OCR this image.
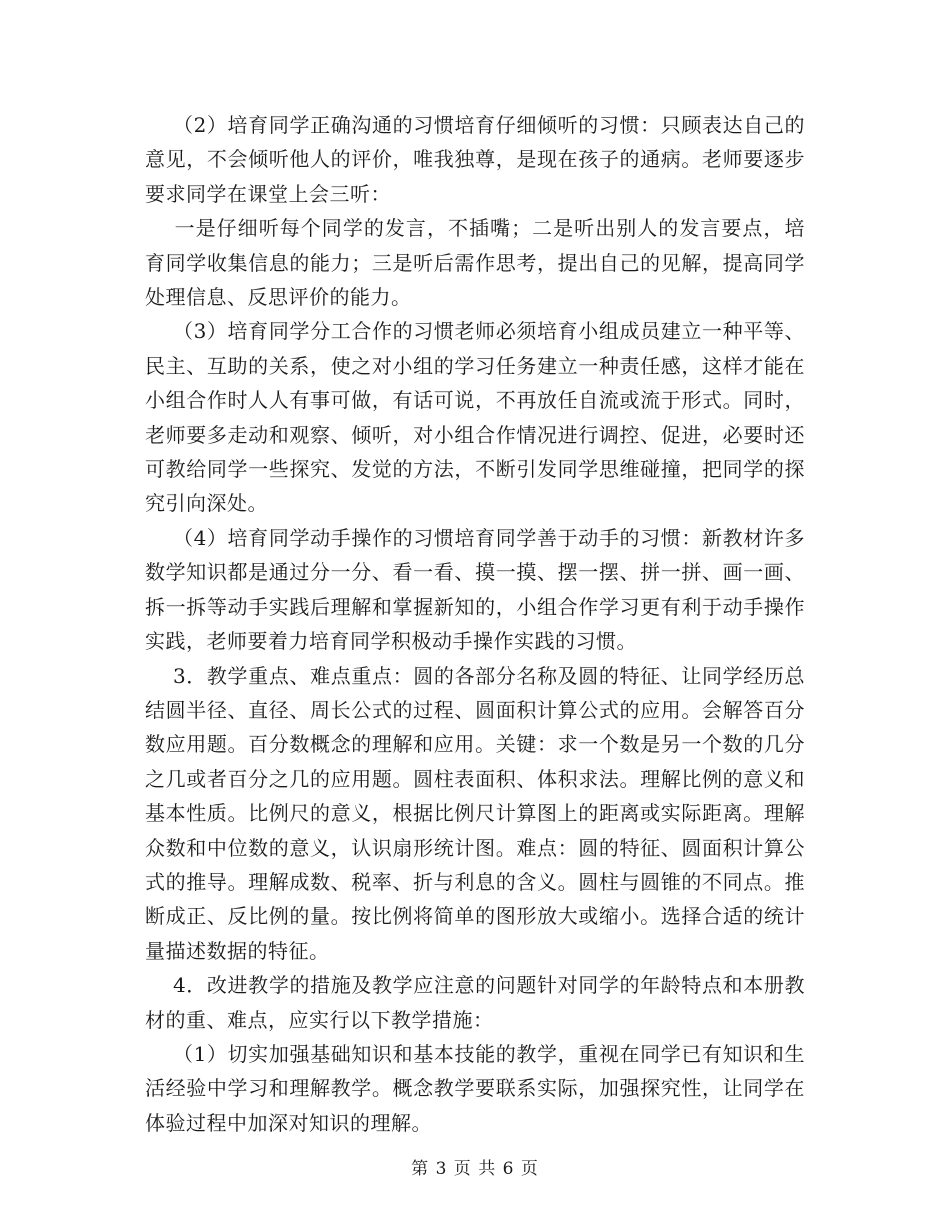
（2）培育同学正确沟通的习惯培育仔细倾听的习惯：只顾表达自己的意见，不会倾听他人的评价，唯我独尊，是现在孩子的通病。老师要逐步要求同学在课堂上会三听：

一是仔细听每个同学的发言，不插嘴；二是听出别人的发言要点，培育同学收集信息的能力；三是听后需作思考，提出自己的见解，提高同学处理信息、反思评价的能力。

（3）培育同学分工合作的习惯老师必须培育小组成员建立一种平等、民主、互助的关系，使之对小组的学习任务建立一种责任感，这样才能在小组合作时人人有事可做，有话可说，不再放任自流或流于形式。同时，老师要多走动和观察、倾听，对小组合作情况进行调控、促进，必要时还可教给同学一些探究、发觉的方法，不断引发同学思维碰撞，把同学的探究引向深处。

（4）培育同学动手操作的习惯培育同学善于动手的习惯：新教材许多数学知识都是通过分一分、看一看、摸一摸、摆一摆、拼一拼、画一画、拆一拆等动手实践后理解和掌握新知的，小组合作学习更有利于动手操作实践，老师要着力培育同学积极动手操作实践的习惯。

3．教学重点、难点重点：圆的各部分名称及圆的特征、让同学经历总结圆半径、直径、周长公式的过程、圆面积计算公式的应用。会解答百分数应用题。百分数概念的理解和应用。关键：求一个数是另一个数的几分之几或者百分之几的应用题。圆柱表面积、体积求法。理解比例的意义和基本性质。比例尺的意义，根据比例尺计算图上的距离或实际距离。理解众数和中位数的意义，认识扇形统计图。难点：圆的特征、圆面积计算公式的推导。理解成数、税率、折与利息的含义。圆柱与圆锥的不同点。推断成正、反比例的量。按比例将简单的图形放大或缩小。选择合适的统计量描述数据的特征。

4．改进教学的措施及教学应注意的问题针对同学的年龄特点和本册教材的重、难点，应实行以下教学措施：

（1）切实加强基础知识和基本技能的教学，重视在同学已有知识和生活经验中学习和理解教学。概念教学要联系实际，加强探究性，让同学在体验过程中加深对知识的理解。

第 3 页 共 6 页
